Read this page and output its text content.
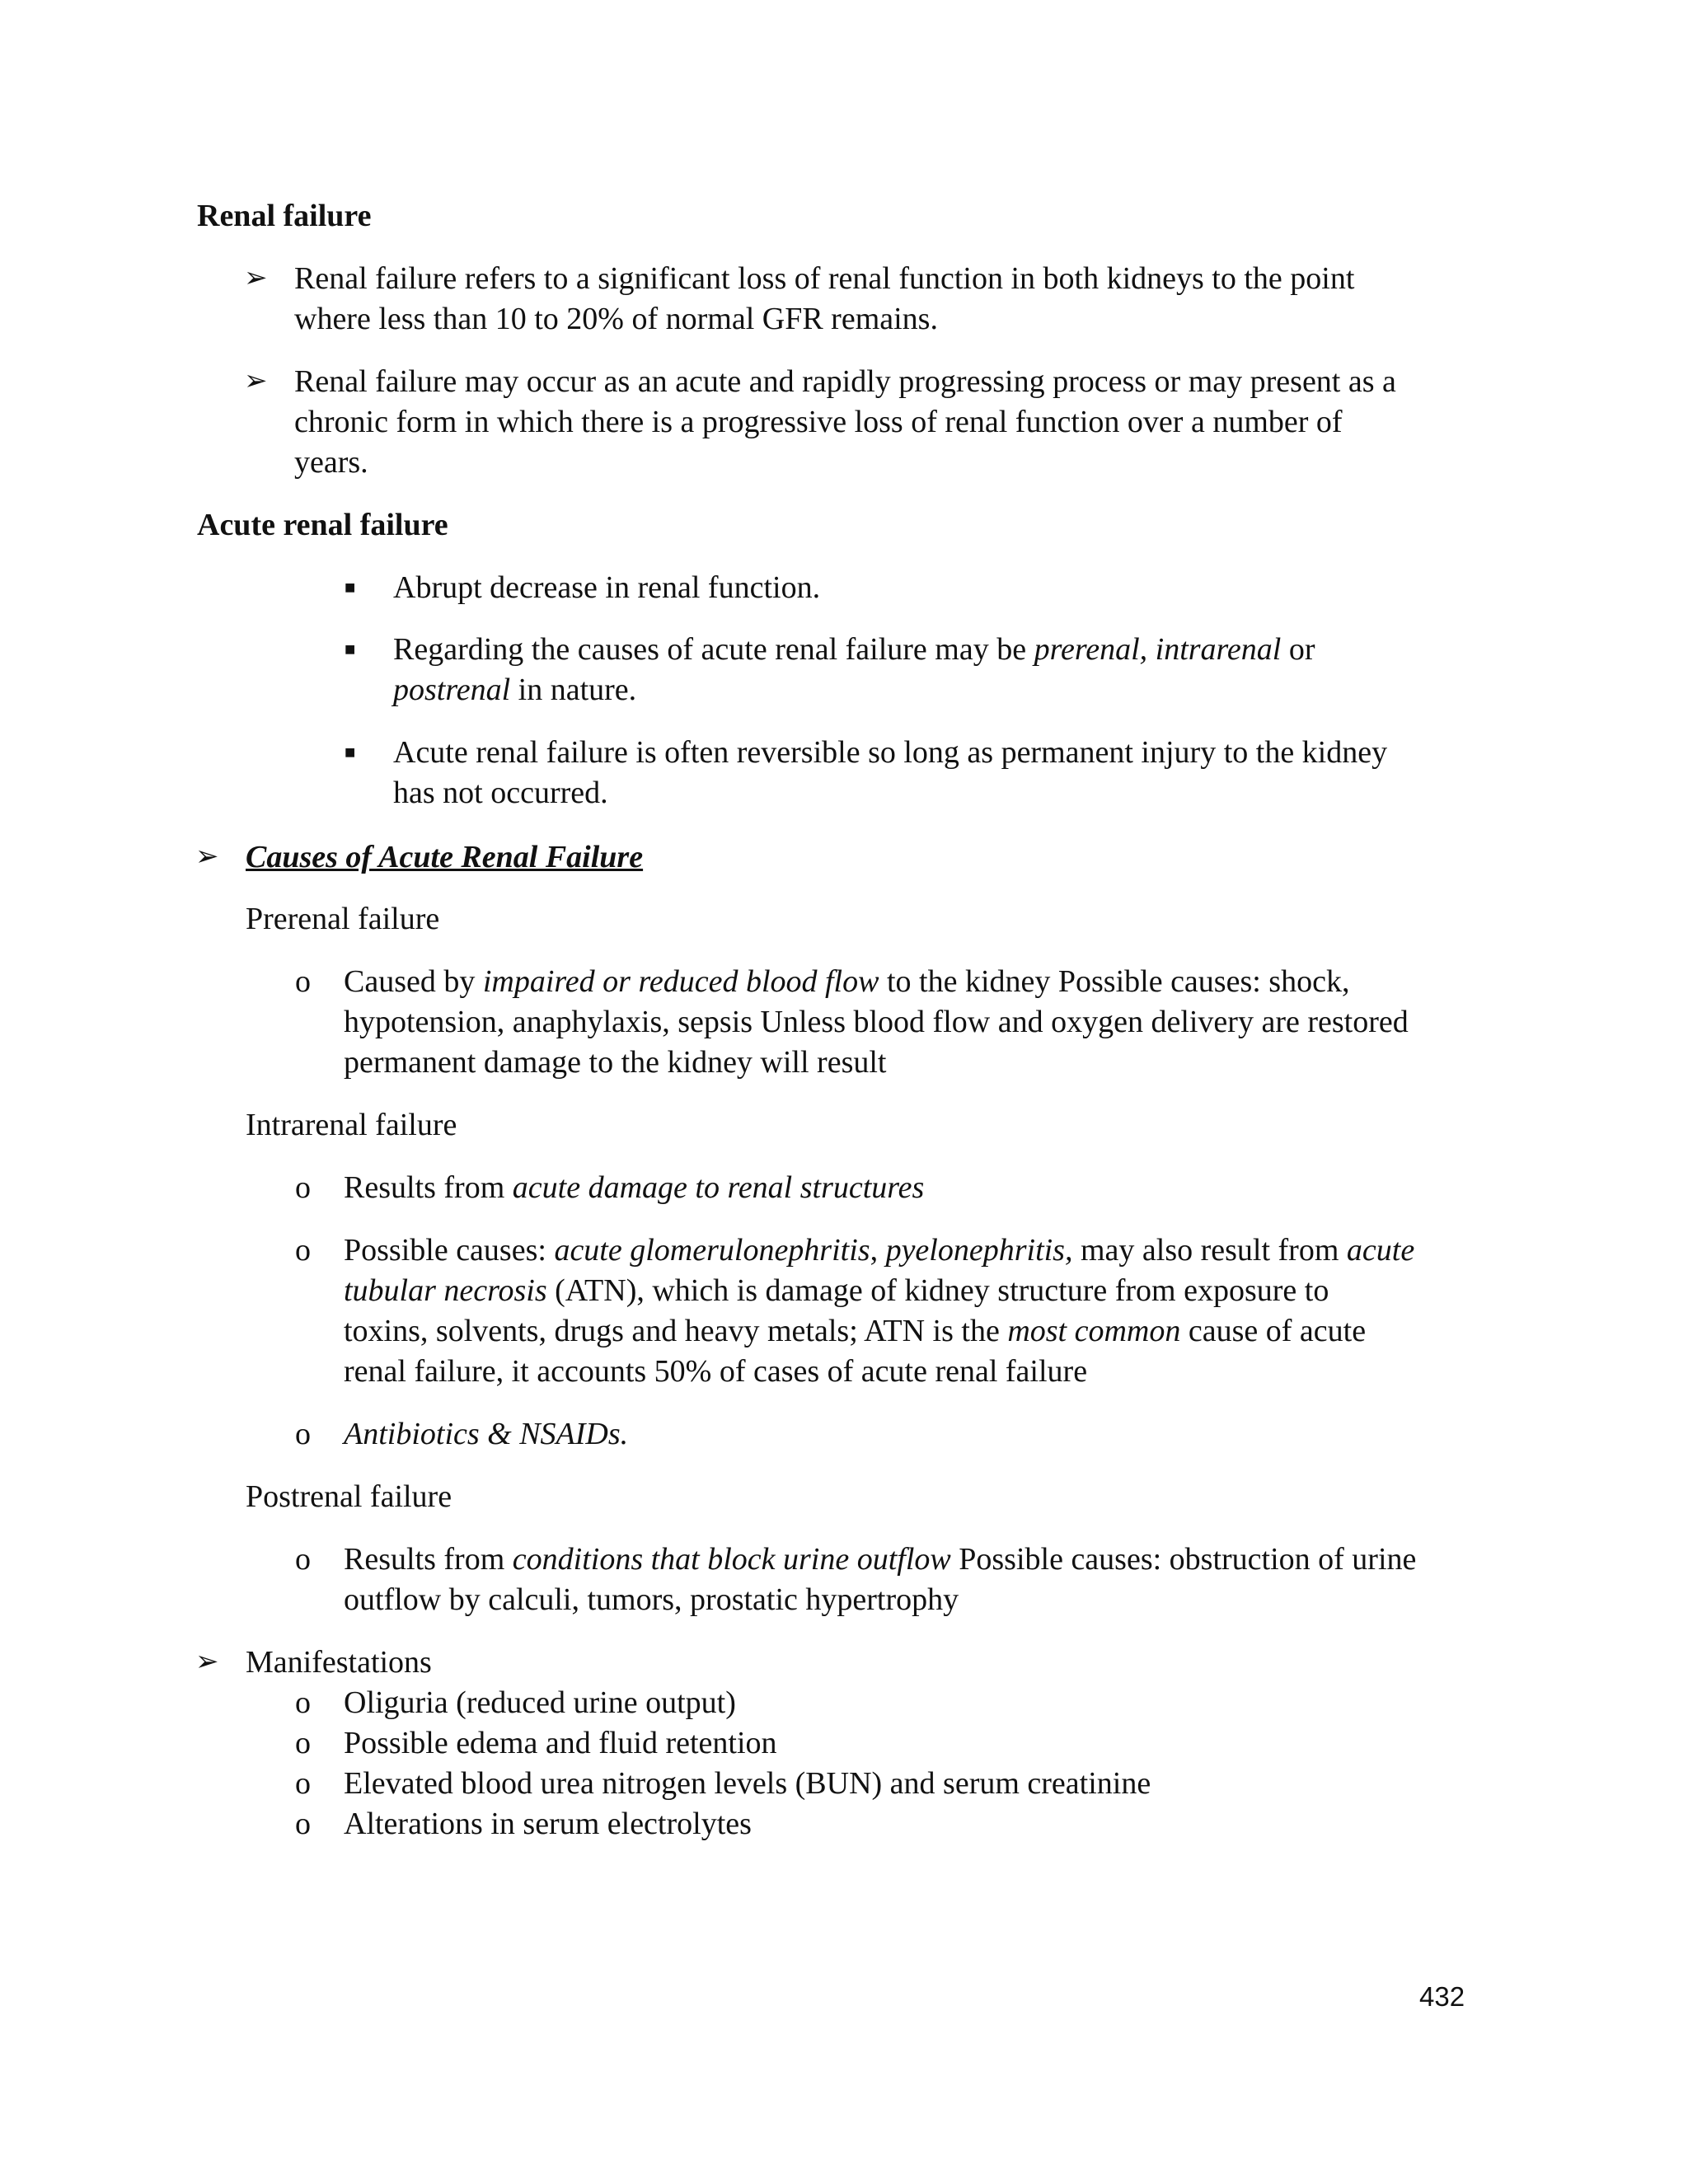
Renal failure
➢ Renal failure refers to a significant loss of renal function in both kidneys to the point
where less than 10 to 20% of normal GFR remains.
➢ Renal failure may occur as an acute and rapidly progressing process or may present as a
chronic form in which there is a progressive loss of renal function over a number of
years.
Acute renal failure
■ Abrupt decrease in renal function.
■ Regarding the causes of acute renal failure may be prerenal, intrarenal or
postrenal in nature.
■ Acute renal failure is often reversible so long as permanent injury to the kidney
has not occurred.
➢ Causes of Acute Renal Failure
Prerenal failure
o Caused by impaired or reduced blood flow to the kidney Possible causes: shock,
hypotension, anaphylaxis, sepsis Unless blood flow and oxygen delivery are restored
permanent damage to the kidney will result
Intrarenal failure
o Results from acute damage to renal structures
o Possible causes: acute glomerulonephritis, pyelonephritis, may also result from acute
tubular necrosis (ATN), which is damage of kidney structure from exposure to
toxins, solvents, drugs and heavy metals; ATN is the most common cause of acute
renal failure, it accounts 50% of cases of acute renal failure
o Antibiotics & NSAIDs.
Postrenal failure
o Results from conditions that block urine outflow Possible causes: obstruction of urine
outflow by calculi, tumors, prostatic hypertrophy
➢ Manifestations
o Oliguria (reduced urine output)
o Possible edema and fluid retention
o Elevated blood urea nitrogen levels (BUN) and serum creatinine
o Alterations in serum electrolytes
432
